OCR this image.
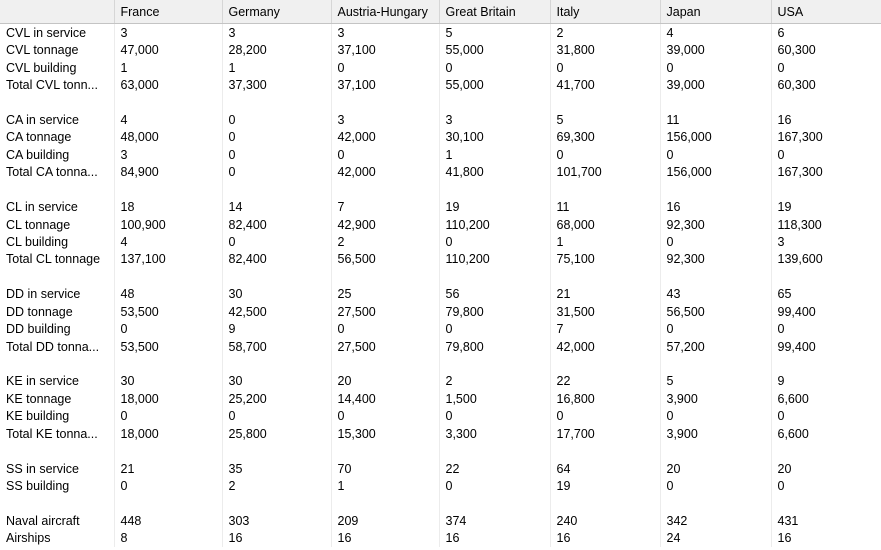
	France	Germany	Austria-Hungary	Great Britain	Italy	Japan	USA
CVL in service	3	3	3	5	2	4	6
CVL tonnage	47,000	28,200	37,100	55,000	31,800	39,000	60,300
CVL building	1	1	0	0	0	0	0
Total CVL tonn...	63,000	37,300	37,100	55,000	41,700	39,000	60,300

CA in service	4	0	3	3	5	11	16
CA tonnage	48,000	0	42,000	30,100	69,300	156,000	167,300
CA building	3	0	0	1	0	0	0
Total CA tonna...	84,900	0	42,000	41,800	101,700	156,000	167,300

CL in service	18	14	7	19	11	16	19
CL tonnage	100,900	82,400	42,900	110,200	68,000	92,300	118,300
CL building	4	0	2	0	1	0	3
Total CL tonnage	137,100	82,400	56,500	110,200	75,100	92,300	139,600

DD in service	48	30	25	56	21	43	65
DD tonnage	53,500	42,500	27,500	79,800	31,500	56,500	99,400
DD building	0	9	0	0	7	0	0
Total DD tonna...	53,500	58,700	27,500	79,800	42,000	57,200	99,400

KE in service	30	30	20	2	22	5	9
KE tonnage	18,000	25,200	14,400	1,500	16,800	3,900	6,600
KE building	0	0	0	0	0	0	0
Total KE tonna...	18,000	25,800	15,300	3,300	17,700	3,900	6,600

SS in service	21	35	70	22	64	20	20
SS building	0	2	1	0	19	0	0

Naval aircraft	448	303	209	374	240	342	431
Airships	8	16	16	16	16	24	16
